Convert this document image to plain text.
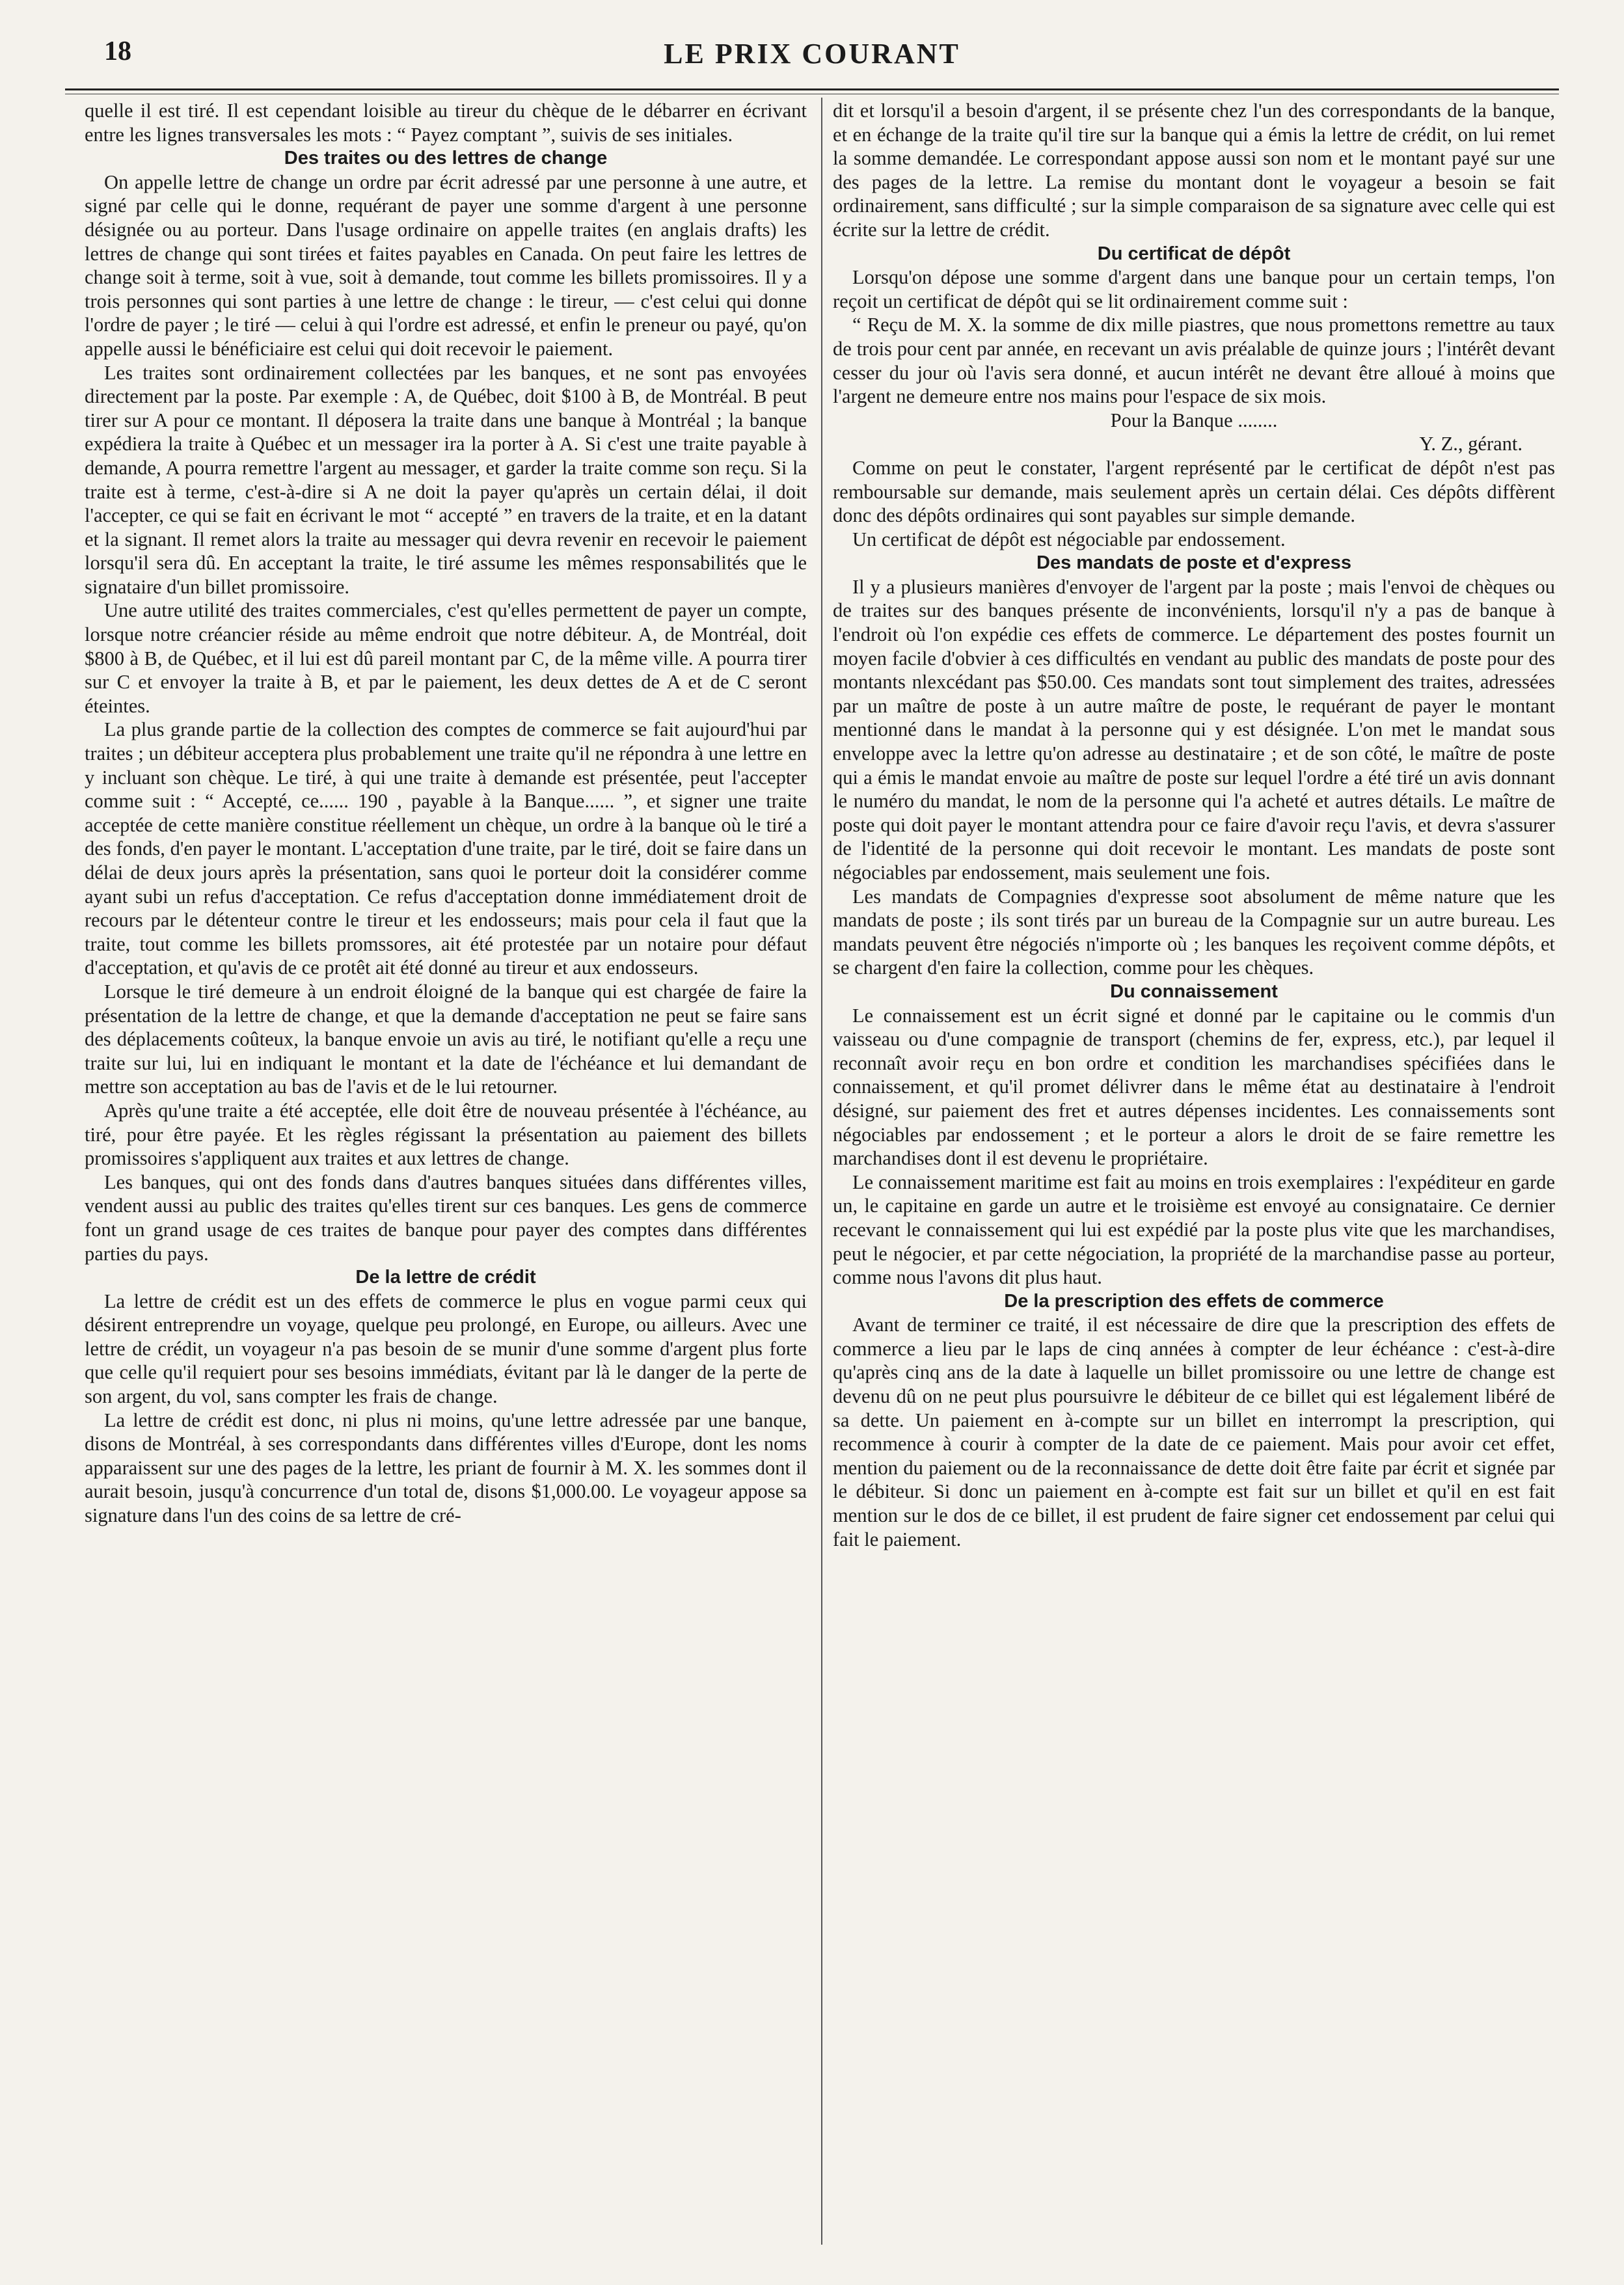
18	LE PRIX COURANT

quelle il est tiré. Il est cependant loisible au tireur du chèque de le débarrer en écrivant entre les lignes transversales les mots : “ Payez comptant ”, suivis de ses initiales.

Des traites ou des lettres de change

On appelle lettre de change un ordre par écrit adressé par une personne à une autre, et signé par celle qui le donne, requérant de payer une somme d'argent à une personne désignée ou au porteur. Dans l'usage ordinaire on appelle traites (en anglais drafts) les lettres de change qui sont tirées et faites payables en Canada. On peut faire les lettres de change soit à terme, soit à vue, soit à demande, tout comme les billets promissoires. Il y a trois personnes qui sont parties à une lettre de change : le tireur, — c'est celui qui donne l'ordre de payer ; le tiré — celui à qui l'ordre est adressé, et enfin le preneur ou payé, qu'on appelle aussi le bénéficiaire est celui qui doit recevoir le paiement.

Les traites sont ordinairement collectées par les banques, et ne sont pas envoyées directement par la poste. Par exemple : A, de Québec, doit $100 à B, de Montréal. B peut tirer sur A pour ce montant. Il déposera la traite dans une banque à Montréal ; la banque expédiera la traite à Québec et un messager ira la porter à A. Si c'est une traite payable à demande, A pourra remettre l'argent au messager, et garder la traite comme son reçu. Si la traite est à terme, c'est-à-dire si A ne doit la payer qu'après un certain délai, il doit l'accepter, ce qui se fait en écrivant le mot “ accepté ” en travers de la traite, et en la datant et la signant. Il remet alors la traite au messager qui devra revenir en recevoir le paiement lorsqu'il sera dû. En acceptant la traite, le tiré assume les mêmes responsabilités que le signataire d'un billet promissoire.

Une autre utilité des traites commerciales, c'est qu'elles permettent de payer un compte, lorsque notre créancier réside au même endroit que notre débiteur. A, de Montréal, doit $800 à B, de Québec, et il lui est dû pareil montant par C, de la même ville. A pourra tirer sur C et envoyer la traite à B, et par le paiement, les deux dettes de A et de C seront éteintes.

La plus grande partie de la collection des comptes de commerce se fait aujourd'hui par traites ; un débiteur acceptera plus probablement une traite qu'il ne répondra à une lettre en y incluant son chèque. Le tiré, à qui une traite à demande est présentée, peut l'accepter comme suit : “ Accepté, ce...... 190 , payable à la Banque...... ”, et signer une traite acceptée de cette manière constitue réellement un chèque, un ordre à la banque où le tiré a des fonds, d'en payer le montant. L'acceptation d'une traite, par le tiré, doit se faire dans un délai de deux jours après la présentation, sans quoi le porteur doit la considérer comme ayant subi un refus d'acceptation. Ce refus d'acceptation donne immédiatement droit de recours par le détenteur contre le tireur et les endosseurs; mais pour cela il faut que la traite, tout comme les billets promssores, ait été protestée par un notaire pour défaut d'acceptation, et qu'avis de ce protêt ait été donné au tireur et aux endosseurs.

Lorsque le tiré demeure à un endroit éloigné de la banque qui est chargée de faire la présentation de la lettre de change, et que la demande d'acceptation ne peut se faire sans des déplacements coûteux, la banque envoie un avis au tiré, le notifiant qu'elle a reçu une traite sur lui, lui en indiquant le montant et la date de l'échéance et lui demandant de mettre son acceptation au bas de l'avis et de le lui retourner.

Après qu'une traite a été acceptée, elle doit être de nouveau présentée à l'échéance, au tiré, pour être payée. Et les règles régissant la présentation au paiement des billets promissoires s'appliquent aux traites et aux lettres de change.

Les banques, qui ont des fonds dans d'autres banques situées dans différentes villes, vendent aussi au public des traites qu'elles tirent sur ces banques. Les gens de commerce font un grand usage de ces traites de banque pour payer des comptes dans différentes parties du pays.

De la lettre de crédit

La lettre de crédit est un des effets de commerce le plus en vogue parmi ceux qui désirent entreprendre un voyage, quelque peu prolongé, en Europe, ou ailleurs. Avec une lettre de crédit, un voyageur n'a pas besoin de se munir d'une somme d'argent plus forte que celle qu'il requiert pour ses besoins immédiats, évitant par là le danger de la perte de son argent, du vol, sans compter les frais de change.

La lettre de crédit est donc, ni plus ni moins, qu'une lettre adressée par une banque, disons de Montréal, à ses correspondants dans différentes villes d'Europe, dont les noms apparaissent sur une des pages de la lettre, les priant de fournir à M. X. les sommes dont il aurait besoin, jusqu'à concurrence d'un total de, disons $1,000.00. Le voyageur appose sa signature dans l'un des coins de sa lettre de cré-

dit et lorsqu'il a besoin d'argent, il se présente chez l'un des correspondants de la banque, et en échange de la traite qu'il tire sur la banque qui a émis la lettre de crédit, on lui remet la somme demandée. Le correspondant appose aussi son nom et le montant payé sur une des pages de la lettre. La remise du montant dont le voyageur a besoin se fait ordinairement, sans difficulté ; sur la simple comparaison de sa signature avec celle qui est écrite sur la lettre de crédit.

Du certificat de dépôt

Lorsqu'on dépose une somme d'argent dans une banque pour un certain temps, l'on reçoit un certificat de dépôt qui se lit ordinairement comme suit :

“ Reçu de M. X. la somme de dix mille piastres, que nous promettons remettre au taux de trois pour cent par année, en recevant un avis préalable de quinze jours ; l'intérêt devant cesser du jour où l'avis sera donné, et aucun intérêt ne devant être alloué à moins que l'argent ne demeure entre nos mains pour l'espace de six mois.

Pour la Banque ........

Y. Z., gérant.

Comme on peut le constater, l'argent représenté par le certificat de dépôt n'est pas remboursable sur demande, mais seulement après un certain délai. Ces dépôts diffèrent donc des dépôts ordinaires qui sont payables sur simple demande.

Un certificat de dépôt est négociable par endossement.

Des mandats de poste et d'express

Il y a plusieurs manières d'envoyer de l'argent par la poste ; mais l'envoi de chèques ou de traites sur des banques présente de inconvénients, lorsqu'il n'y a pas de banque à l'endroit où l'on expédie ces effets de commerce. Le département des postes fournit un moyen facile d'obvier à ces difficultés en vendant au public des mandats de poste pour des montants nlexcédant pas $50.00. Ces mandats sont tout simplement des traites, adressées par un maître de poste à un autre maître de poste, le requérant de payer le montant mentionné dans le mandat à la personne qui y est désignée. L'on met le mandat sous enveloppe avec la lettre qu'on adresse au destinataire ; et de son côté, le maître de poste qui a émis le mandat envoie au maître de poste sur lequel l'ordre a été tiré un avis donnant le numéro du mandat, le nom de la personne qui l'a acheté et autres détails. Le maître de poste qui doit payer le montant attendra pour ce faire d'avoir reçu l'avis, et devra s'assurer de l'identité de la personne qui doit recevoir le montant. Les mandats de poste sont négociables par endossement, mais seulement une fois.

Les mandats de Compagnies d'expresse soot absolument de même nature que les mandats de poste ; ils sont tirés par un bureau de la Compagnie sur un autre bureau. Les mandats peuvent être négociés n'importe où ; les banques les reçoivent comme dépôts, et se chargent d'en faire la collection, comme pour les chèques.

Du connaissement

Le connaissement est un écrit signé et donné par le capitaine ou le commis d'un vaisseau ou d'une compagnie de transport (chemins de fer, express, etc.), par lequel il reconnaît avoir reçu en bon ordre et condition les marchandises spécifiées dans le connaissement, et qu'il promet délivrer dans le même état au destinataire à l'endroit désigné, sur paiement des fret et autres dépenses incidentes. Les connaissements sont négociables par endossement ; et le porteur a alors le droit de se faire remettre les marchandises dont il est devenu le propriétaire.

Le connaissement maritime est fait au moins en trois exemplaires : l'expéditeur en garde un, le capitaine en garde un autre et le troisième est envoyé au consignataire. Ce dernier recevant le connaissement qui lui est expédié par la poste plus vite que les marchandises, peut le négocier, et par cette négociation, la propriété de la marchandise passe au porteur, comme nous l'avons dit plus haut.

De la prescription des effets de commerce

Avant de terminer ce traité, il est nécessaire de dire que la prescription des effets de commerce a lieu par le laps de cinq années à compter de leur échéance : c'est-à-dire qu'après cinq ans de la date à laquelle un billet promissoire ou une lettre de change est devenu dû on ne peut plus poursuivre le débiteur de ce billet qui est légalement libéré de sa dette. Un paiement en à-compte sur un billet en interrompt la prescription, qui recommence à courir à compter de la date de ce paiement. Mais pour avoir cet effet, mention du paiement ou de la reconnaissance de dette doit être faite par écrit et signée par le débiteur. Si donc un paiement en à-compte est fait sur un billet et qu'il en est fait mention sur le dos de ce billet, il est prudent de faire signer cet endossement par celui qui fait le paiement.
